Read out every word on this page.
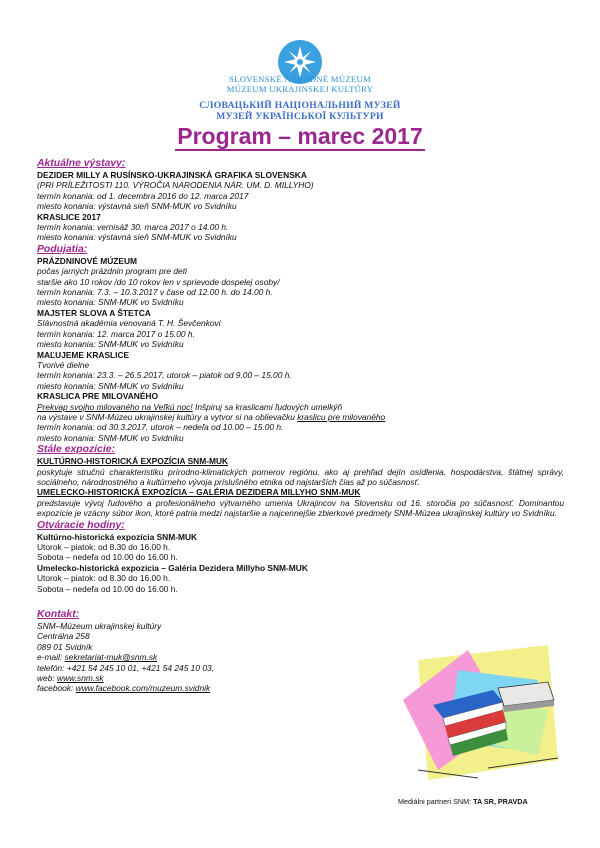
SLOVENSKÉ NÁRODNÉ MÚZEUM
MÚZEUM UKRAJINSKEJ KULTÚRY
СЛОВАЦЬКИЙ НАЦІОНАЛЬНИЙ МУЗЕЙ
МУЗЕЙ УКРАЇНСЬКОЇ КУЛЬТУРИ
Program – marec 2017
Aktuálne výstavy:
DEZIDER MILLY A RUSÍNSKO-UKRAJINSKÁ GRAFIKA SLOVENSKA
(PRI PRÍLEŽITOSTI 110. VÝROČIA NARODENIA NÁR. UM. D. MILLYHO)
termín konania: od 1. decembra 2016 do 12. marca 2017
miesto konania: výstavná sieň SNM-MUK vo Svidníku
KRASLICE 2017
termín konania: vernisáž 30. marca 2017 o 14.00 h.
miesto konania: výstavná sieň SNM-MUK vo Svidníku
Podujatia:
PRÁZDNINOVÉ MÚZEUM
počas jarných prázdnin program pre deti
staršie ako 10 rokov /do 10 rokov len v sprievode dospelej osoby/
termín konania: 7.3. – 10.3.2017 v čase od 12.00 h. do 14.00 h.
miesto konania: SNM-MUK vo Svidníku
MAJSTER SLOVA A ŠTETCA
Slávnostná akadémia venovaná T. H. Ševčenkovi
termín konania: 12. marca 2017 o 15.00 h.
miesto konania: SNM-MUK vo Svidníku
MAĽUJEME KRASLICE
Tvorivé dielne
termín konania: 23.3. – 26.5.2017, utorok – piatok od 9.00 – 15.00 h.
miesto konania: SNM-MUK vo Svidníku
KRASLICA PRE MILOVANÉHO
Prekvap svojho milovaného na Veľkú noc! Inšpiruj sa kraslicami ľudových umelkýň
na výstave v SNM-Múzeu ukrajinskej kultúry a vytvor si na oblievačku kraslicu pre milovaného
termín konania: od 30.3.2017, utorok – nedeľa od 10.00 – 15.00 h.
miesto konania: SNM-MUK vo Svidníku
Stále expozície:
KULTÚRNO-HISTORICKÁ EXPOZÍCIA SNM-MUK
poskytuje stručnú charakteristiku prírodno-klimatických pomerov regiónu, ako aj prehľad dejín osídlenia, hospodárstva, štátnej správy, sociálneho, národnostného a kultúrneho vývoja príslušného etnika od najstarších čias až po súčasnosť.
UMELECKO-HISTORICKÁ EXPOZÍCIA – GALÉRIA DEZIDERA MILLYHO SNM-MUK
predstavuje vývoj ľudového a profesionálneho výtvarného umenia Ukrajincov na Slovensku od 16. storočia po súčasnosť. Dominantou expozície je vzácny súbor ikon, ktoré patria medzi najstaršie a najcennejšie zbierkové predmety SNM-Múzea ukrajinskej kultúry vo Svidníku.
Otváracie hodiny:
Kultúrno-historická expozícia SNM-MUK
Utorok – piatok: od 8.30 do 16.00 h.
Sobota – nedeľa od 10.00 do 16.00 h.
Umelecko-historická expozícia – Galéria Dezidera Millyho SNM-MUK
Utorok – piatok: od 8.30 do 16.00 h.
Sobota – nedeľa od 10.00 do 16.00 h.
Kontakt:
SNM–Múzeum ukrajinskej kultúry
Centrálna 258
089 01 Svidník
e-mail: sekretariat-muk@snm.sk
telefón: +421 54 245 10 01, +421 54 245 10 03,
web: www.snm.sk
facebook: www.facebook.com/muzeum.svidnik
Mediálni partneri SNM: TA SR, PRAVDA
